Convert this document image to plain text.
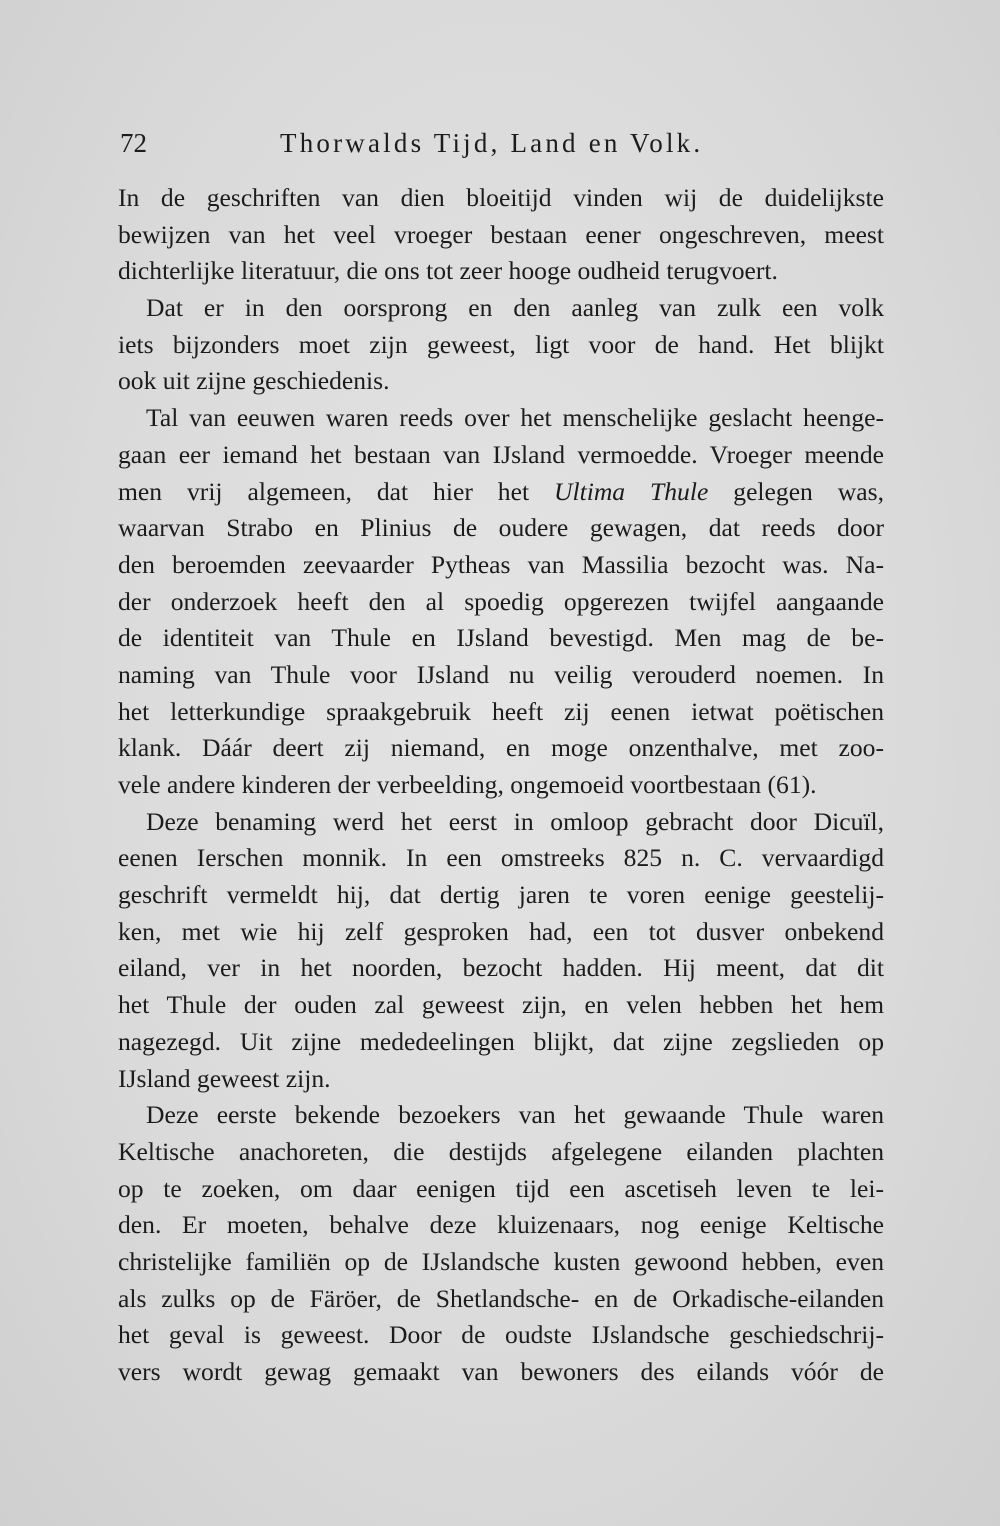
72	Thorwalds Tijd, Land en Volk.
In de geschriften van dien bloeitijd vinden wij de duidelijkste
bewijzen van het veel vroeger bestaan eener ongeschreven, meest
dichterlijke literatuur, die ons tot zeer hooge oudheid terugvoert.
Dat er in den oorsprong en den aanleg van zulk een volk
iets bijzonders moet zijn geweest, ligt voor de hand. Het blijkt
ook uit zijne geschiedenis.
Tal van eeuwen waren reeds over het menschelijke geslacht heenge-
gaan eer iemand het bestaan van IJsland vermoedde. Vroeger meende
men vrij algemeen, dat hier het Ultima Thule gelegen was,
waarvan Strabo en Plinius de oudere gewagen, dat reeds door
den beroemden zeevaarder Pytheas van Massilia bezocht was. Na-
der onderzoek heeft den al spoedig opgerezen twijfel aangaande
de identiteit van Thule en IJsland bevestigd. Men mag de be-
naming van Thule voor IJsland nu veilig verouderd noemen. In
het letterkundige spraakgebruik heeft zij eenen ietwat poëtischen
klank. Dáár deert zij niemand, en moge onzenthalve, met zoo-
vele andere kinderen der verbeelding, ongemoeid voortbestaan (61).
Deze benaming werd het eerst in omloop gebracht door Dicuïl,
eenen Ierschen monnik. In een omstreeks 825 n. C. vervaardigd
geschrift vermeldt hij, dat dertig jaren te voren eenige geestelij-
ken, met wie hij zelf gesproken had, een tot dusver onbekend
eiland, ver in het noorden, bezocht hadden. Hij meent, dat dit
het Thule der ouden zal geweest zijn, en velen hebben het hem
nagezegd. Uit zijne mededeelingen blijkt, dat zijne zegslieden op
IJsland geweest zijn.
Deze eerste bekende bezoekers van het gewaande Thule waren
Keltische anachoreten, die destijds afgelegene eilanden plachten
op te zoeken, om daar eenigen tijd een ascetiseh leven te lei-
den. Er moeten, behalve deze kluizenaars, nog eenige Keltische
christelijke familiën op de IJslandsche kusten gewoond hebben, even
als zulks op de Färöer, de Shetlandsche- en de Orkadische-eilanden
het geval is geweest. Door de oudste IJslandsche geschiedschrij-
vers wordt gewag gemaakt van bewoners des eilands vóór de
